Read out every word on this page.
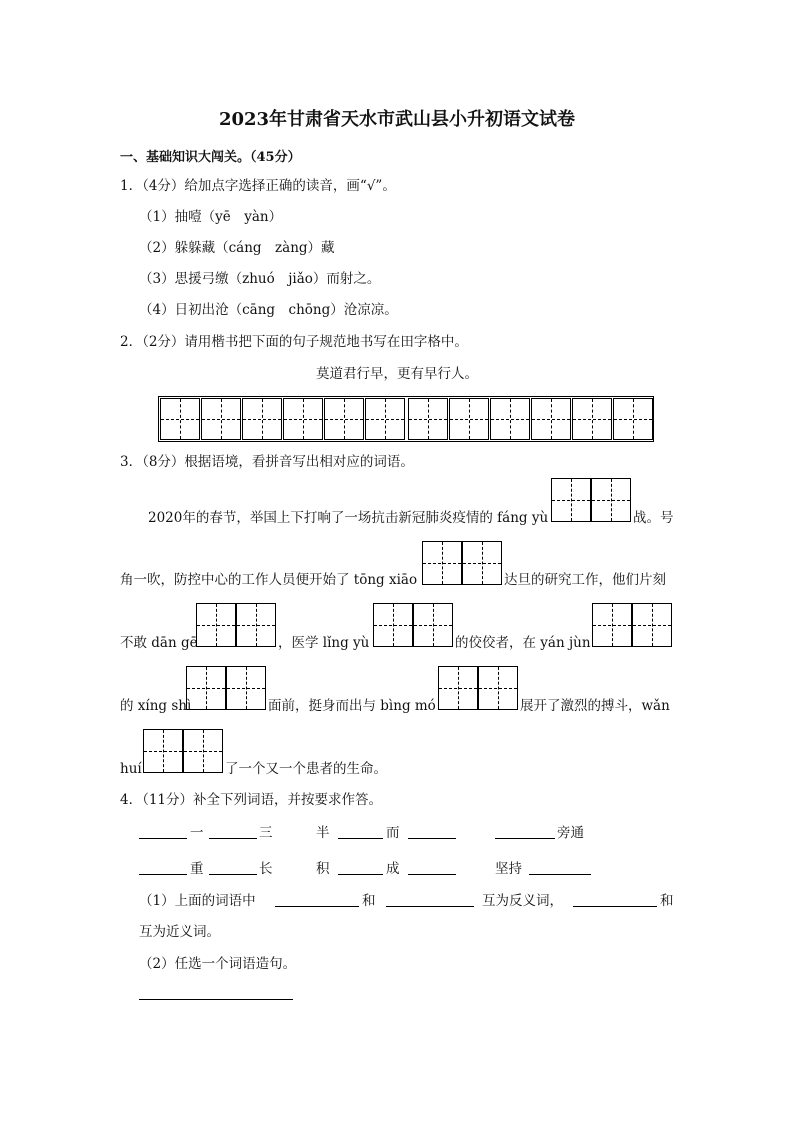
2023年甘肃省天水市武山县小升初语文试卷
一、基础知识大闯关。（45分）
1．（4分）给加点字选择正确的读音，画“√”。
（1）抽噎（yē　yàn）
（2）躲躲藏（cáng　zàng）藏
（3）思援弓缴（zhuó　jiǎo）而射之。
（4）日初出沧（cāng　chōng）沧凉凉。
2．（2分）请用楷书把下面的句子规范地书写在田字格中。
莫道君行早，更有早行人。
3．（8分）根据语境，看拼音写出相对应的词语。
2020年的春节，举国上下打响了一场抗击新冠肺炎疫情的 fáng yù	战。号
角一吹，防控中心的工作人员便开始了 tōng xiāo	达旦的研究工作，他们片刻
不敢 dān gē	，医学 lǐng yù	的佼佼者，在 yán jùn
的 xíng shì	面前，挺身而出与 bìng mó	展开了激烈的搏斗，wǎn
huí	了一个又一个患者的生命。
4．（11分）补全下列词语，并按要求作答。
一	三	半	而	旁通
重	长	积	成	坚持
（1）上面的词语中	和	互为反义词，	和
互为近义词。
（2）任选一个词语造句。
